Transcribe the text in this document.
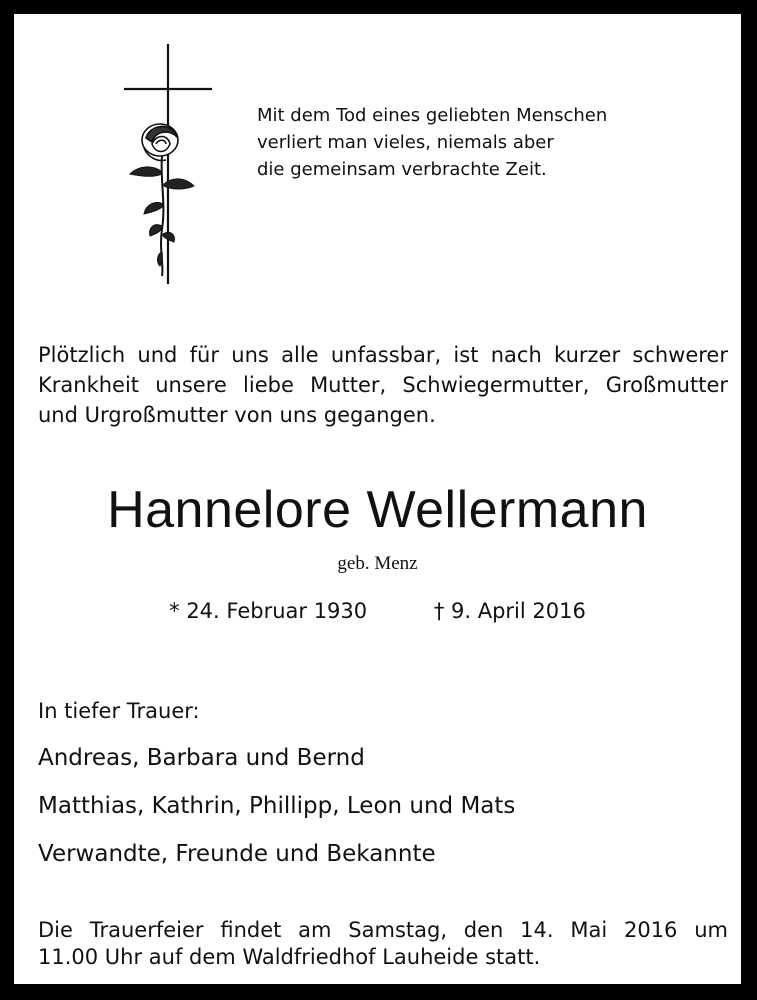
Mit dem Tod eines geliebten Menschen
verliert man vieles, niemals aber
die gemeinsam verbrachte Zeit.
Plötzlich und für uns alle unfassbar, ist nach kurzer schwerer
Krankheit unsere liebe Mutter, Schwiegermutter, Großmutter
und Urgroßmutter von uns gegangen.
Hannelore Wellermann
geb. Menz
* 24. Februar 1930	† 9. April 2016
In tiefer Trauer:
Andreas, Barbara und Bernd
Matthias, Kathrin, Phillipp, Leon und Mats
Verwandte, Freunde und Bekannte
Die Trauerfeier findet am Samstag, den 14. Mai 2016 um
11.00 Uhr auf dem Waldfriedhof Lauheide statt.
